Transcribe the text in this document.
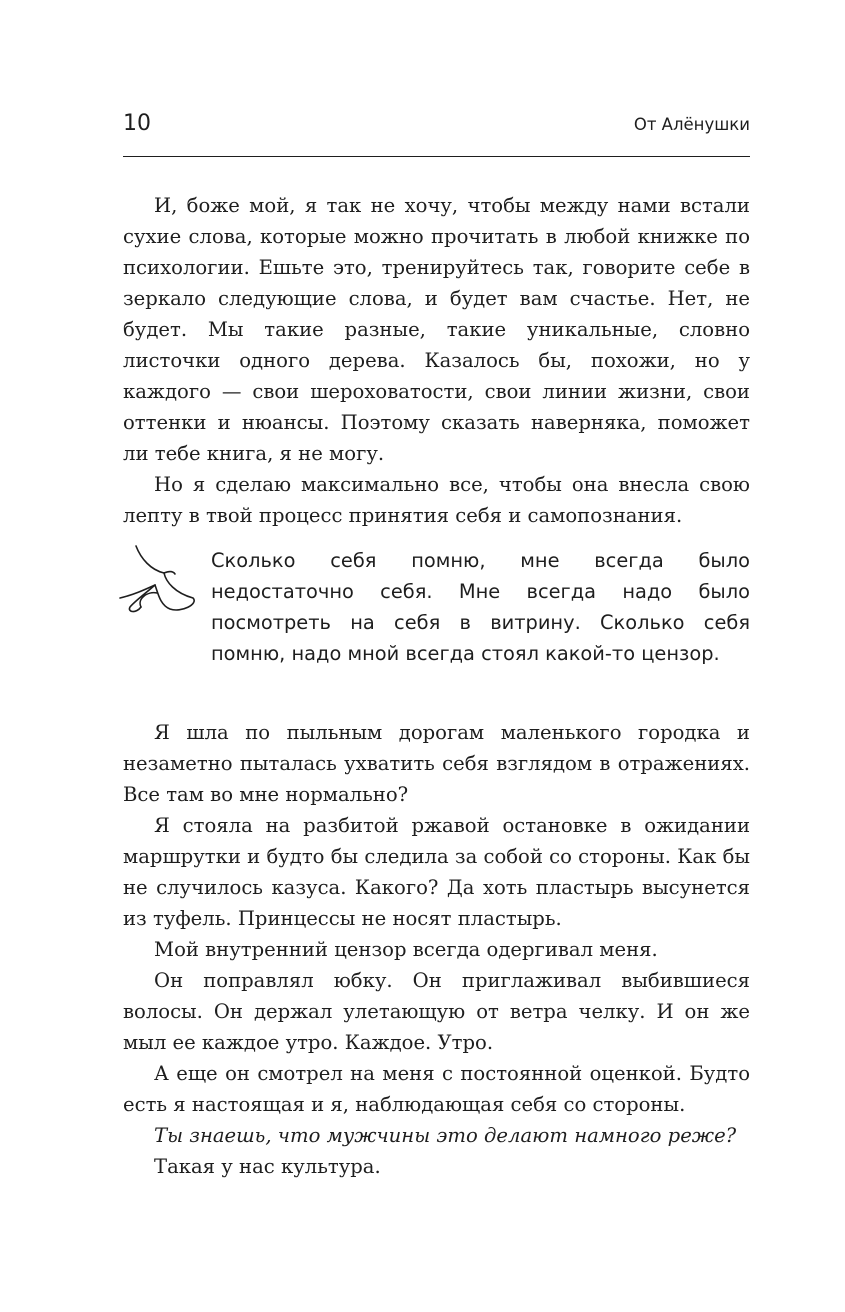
10	От Алёнушки

И, боже мой, я так не хочу, чтобы между нами встали сухие слова, которые можно прочитать в любой книжке по психологии. Ешьте это, тренируйтесь так, говорите себе в зеркало следующие слова, и будет вам счастье. Нет, не будет. Мы такие разные, такие уникальные, словно листочки одного дерева. Казалось бы, похожи, но у каждого — свои шероховатости, свои линии жизни, свои оттенки и нюансы. Поэтому сказать наверняка, поможет ли тебе книга, я не могу.

Но я сделаю максимально все, чтобы она внесла свою лепту в твой процесс принятия себя и самопознания.

Сколько себя помню, мне всегда было недостаточно себя. Мне всегда надо было посмотреть на себя в витрину. Сколько себя помню, надо мной всегда стоял какой-то цензор.

Я шла по пыльным дорогам маленького городка и незаметно пыталась ухватить себя взглядом в отражениях. Все там во мне нормально?

Я стояла на разбитой ржавой остановке в ожидании маршрутки и будто бы следила за собой со стороны. Как бы не случилось казуса. Какого? Да хоть пластырь высунется из туфель. Принцессы не носят пластырь.

Мой внутренний цензор всегда одергивал меня.

Он поправлял юбку. Он приглаживал выбившиеся волосы. Он держал улетающую от ветра челку. И он же мыл ее каждое утро. Каждое. Утро.

А еще он смотрел на меня с постоянной оценкой. Будто есть я настоящая и я, наблюдающая себя со стороны.

Ты знаешь, что мужчины это делают намного реже?

Такая у нас культура.
